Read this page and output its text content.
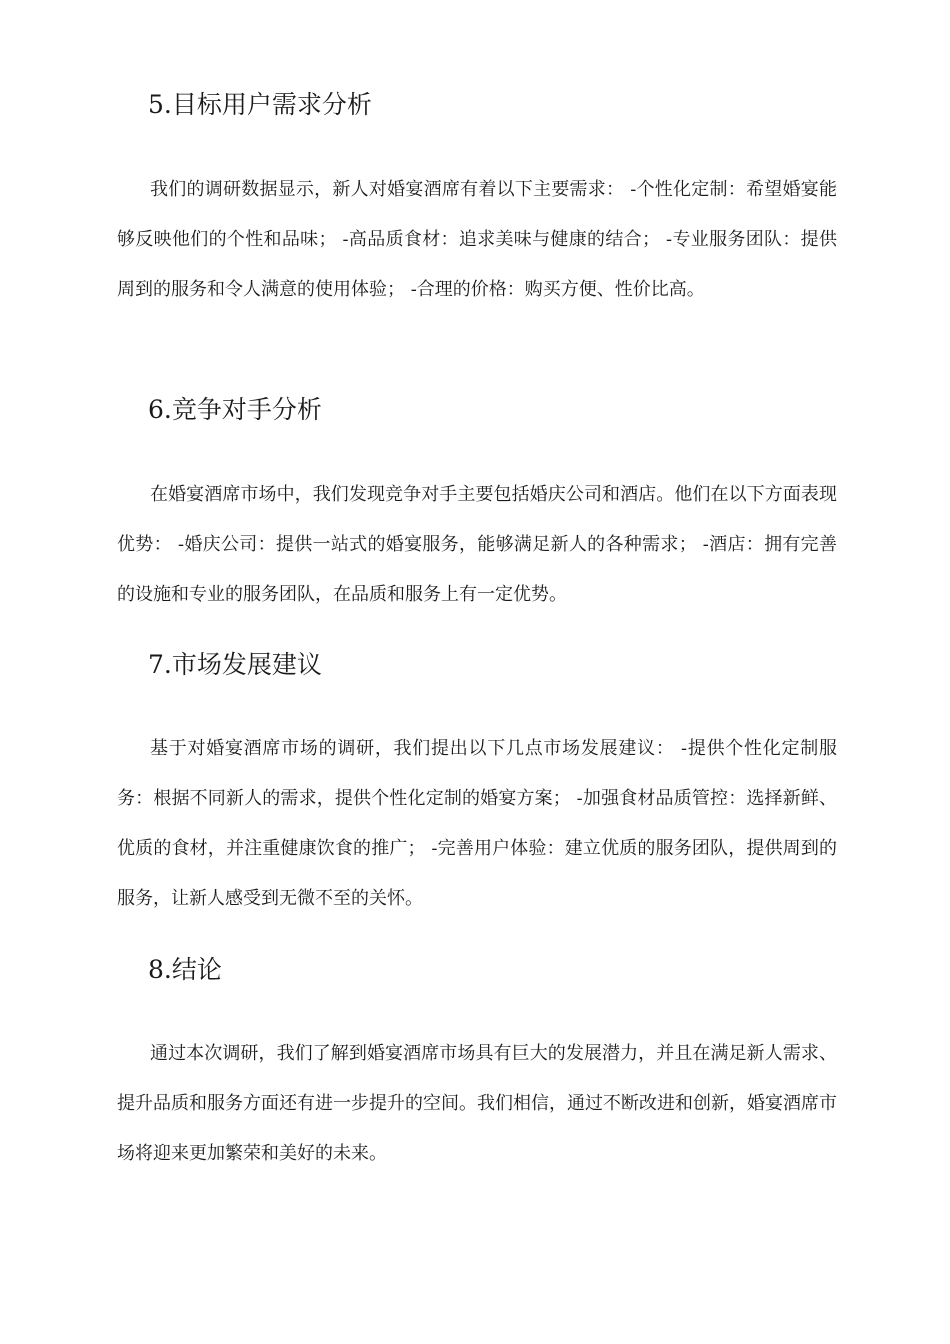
5.目标用户需求分析

我们的调研数据显示，新人对婚宴酒席有着以下主要需求： -个性化定制：希望婚宴能够反映他们的个性和品味； -高品质食材：追求美味与健康的结合； -专业服务团队：提供周到的服务和令人满意的使用体验； -合理的价格：购买方便、性价比高。

6.竞争对手分析

在婚宴酒席市场中，我们发现竞争对手主要包括婚庆公司和酒店。他们在以下方面表现优势： -婚庆公司：提供一站式的婚宴服务，能够满足新人的各种需求； -酒店：拥有完善的设施和专业的服务团队，在品质和服务上有一定优势。

7.市场发展建议

基于对婚宴酒席市场的调研，我们提出以下几点市场发展建议： -提供个性化定制服务：根据不同新人的需求，提供个性化定制的婚宴方案； -加强食材品质管控：选择新鲜、优质的食材，并注重健康饮食的推广； -完善用户体验：建立优质的服务团队，提供周到的服务，让新人感受到无微不至的关怀。

8.结论

通过本次调研，我们了解到婚宴酒席市场具有巨大的发展潜力，并且在满足新人需求、提升品质和服务方面还有进一步提升的空间。我们相信，通过不断改进和创新，婚宴酒席市场将迎来更加繁荣和美好的未来。
